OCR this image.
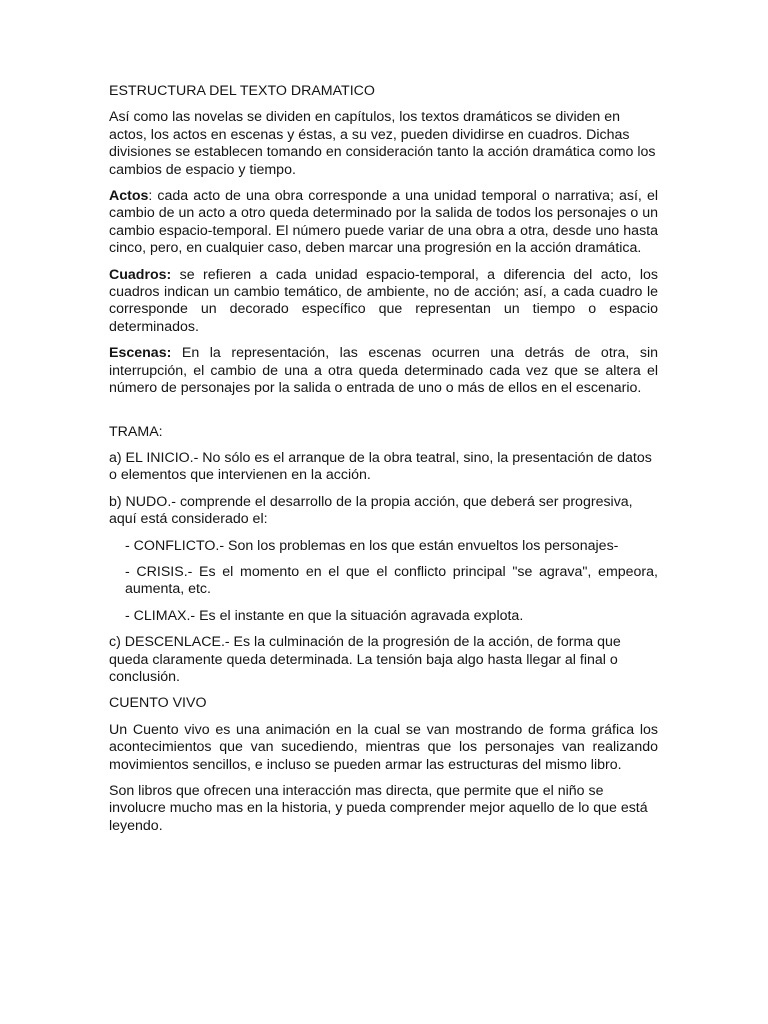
ESTRUCTURA DEL TEXTO DRAMATICO

Así como las novelas se dividen en capítulos, los textos dramáticos se dividen en actos, los actos en escenas y éstas, a su vez, pueden dividirse en cuadros. Dichas divisiones se establecen tomando en consideración tanto la acción dramática como los cambios de espacio y tiempo.

Actos: cada acto de una obra corresponde a una unidad temporal o narrativa; así, el cambio de un acto a otro queda determinado por la salida de todos los personajes o un cambio espacio-temporal. El número puede variar de una obra a otra, desde uno hasta cinco, pero, en cualquier caso, deben marcar una progresión en la acción dramática.

Cuadros: se refieren a cada unidad espacio-temporal, a diferencia del acto, los cuadros indican un cambio temático, de ambiente, no de acción; así, a cada cuadro le corresponde un decorado específico que representan un tiempo o espacio determinados.

Escenas: En la representación, las escenas ocurren una detrás de otra, sin interrupción, el cambio de una a otra queda determinado cada vez que se altera el número de personajes por la salida o entrada de uno o más de ellos en el escenario.

TRAMA:

a) EL INICIO.- No sólo es el arranque de la obra teatral, sino, la presentación de datos o elementos que intervienen en la acción.

b) NUDO.- comprende el desarrollo de la propia acción, que deberá ser progresiva, aquí está considerado el:

- CONFLICTO.- Son los problemas en los que están envueltos los personajes-

- CRISIS.- Es el momento en el que el conflicto principal "se agrava", empeora, aumenta, etc.

- CLIMAX.- Es el instante en que la situación agravada explota.

c) DESCENLACE.- Es la culminación de la progresión de la acción, de forma que queda claramente queda determinada. La tensión baja algo hasta llegar al final o conclusión.

CUENTO VIVO

Un Cuento vivo es una animación en la cual se van mostrando de forma gráfica los acontecimientos que van sucediendo, mientras que los personajes van realizando movimientos sencillos, e incluso se pueden armar las estructuras del mismo libro.

Son libros que ofrecen una interacción mas directa, que permite que el niño se involucre mucho mas en la historia, y pueda comprender mejor aquello de lo que está leyendo.
